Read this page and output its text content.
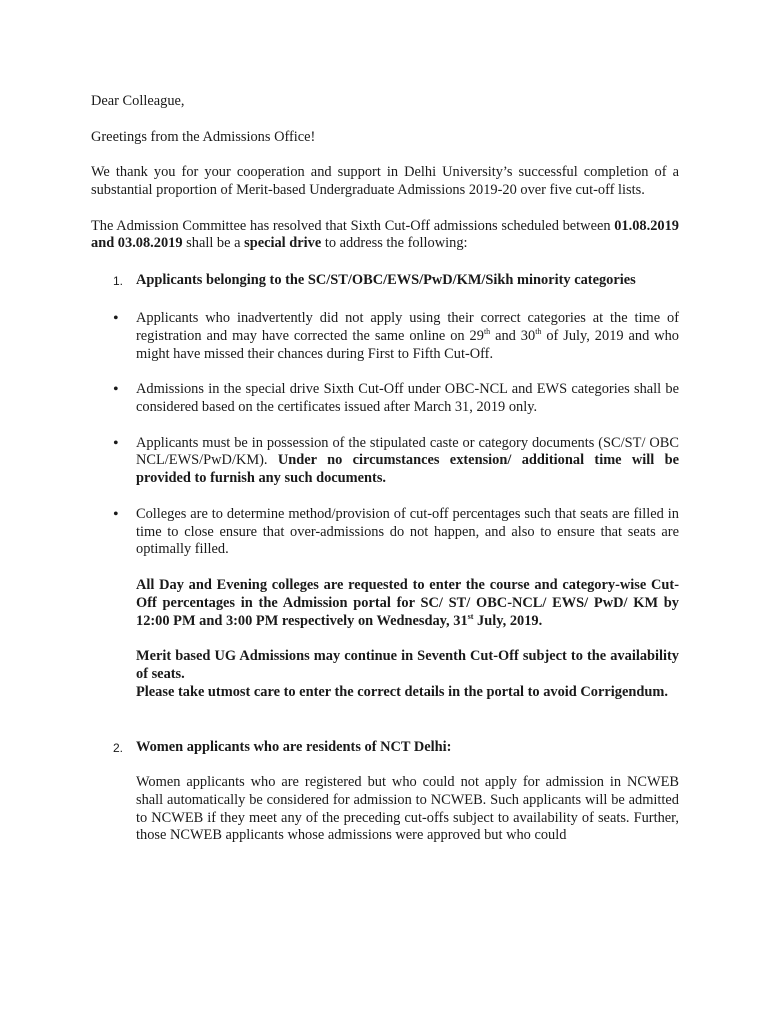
Dear Colleague,

Greetings from the Admissions Office!

We thank you for your cooperation and support in Delhi University’s successful completion of a substantial proportion of Merit-based Undergraduate Admissions 2019-20 over five cut-off lists.

The Admission Committee has resolved that Sixth Cut-Off admissions scheduled between 01.08.2019 and 03.08.2019 shall be a special drive to address the following:

1. Applicants belonging to the SC/ST/OBC/EWS/PwD/KM/Sikh minority categories

• Applicants who inadvertently did not apply using their correct categories at the time of registration and may have corrected the same online on 29th and 30th of July, 2019 and who might have missed their chances during First to Fifth Cut-Off.
• Admissions in the special drive Sixth Cut-Off under OBC-NCL and EWS categories shall be considered based on the certificates issued after March 31, 2019 only.
• Applicants must be in possession of the stipulated caste or category documents (SC/ST/ OBC NCL/EWS/PwD/KM). Under no circumstances extension/ additional time will be provided to furnish any such documents.
• Colleges are to determine method/provision of cut-off percentages such that seats are filled in time to close ensure that over-admissions do not happen, and also to ensure that seats are optimally filled.

All Day and Evening colleges are requested to enter the course and category-wise Cut-Off percentages in the Admission portal for SC/ ST/ OBC-NCL/ EWS/ PwD/ KM by 12:00 PM and 3:00 PM respectively on Wednesday, 31st July, 2019.

Merit based UG Admissions may continue in Seventh Cut-Off subject to the availability of seats.

Please take utmost care to enter the correct details in the portal to avoid Corrigendum.

2. Women applicants who are residents of NCT Delhi:

Women applicants who are registered but who could not apply for admission in NCWEB shall automatically be considered for admission to NCWEB. Such applicants will be admitted to NCWEB if they meet any of the preceding cut-offs subject to availability of seats. Further, those NCWEB applicants whose admissions were approved but who could
